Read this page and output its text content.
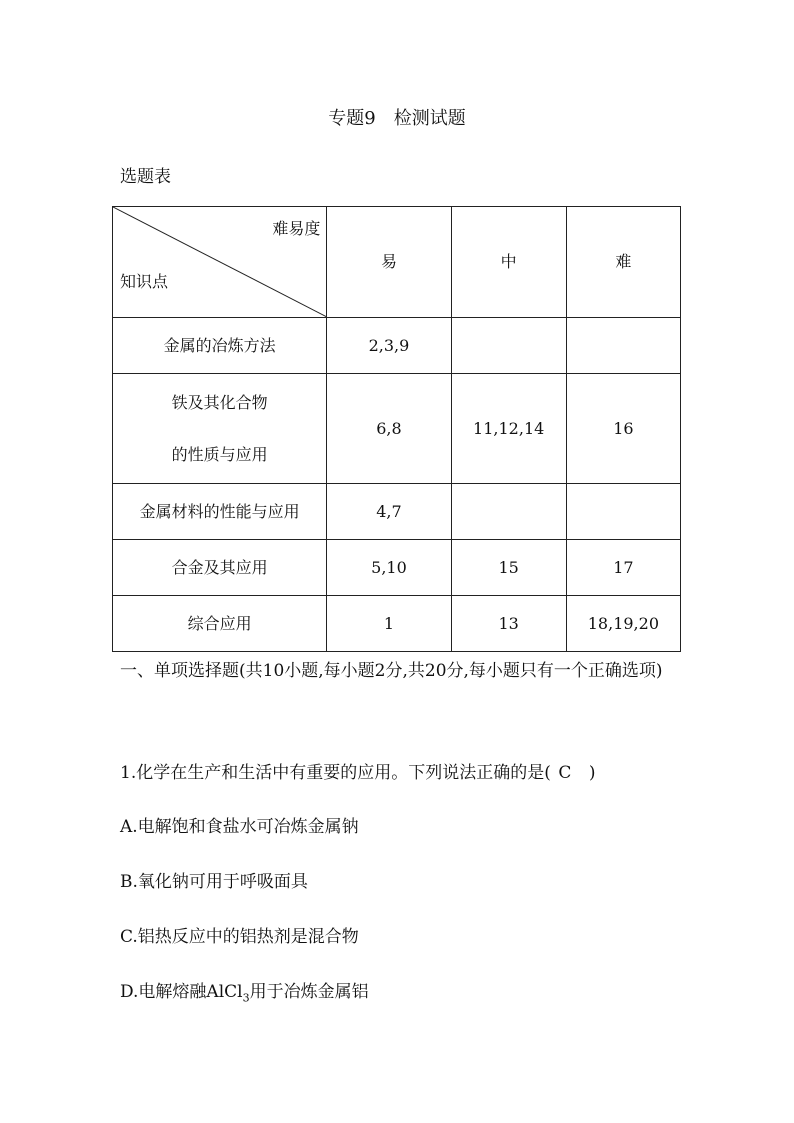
专题9　检测试题
选题表
难易度
知识点	易	中	难
金属的冶炼方法	2,3,9		

铁及其化合物
的性质与应用	6,8	11,12,14	16
金属材料的性能与应用	4,7		
合金及其应用	5,10	15	17
综合应用	1	13	18,19,20
一、单项选择题(共10小题,每小题2分,共20分,每小题只有一个正确选项)
1.化学在生产和生活中有重要的应用。下列说法正确的是( C )
A.电解饱和食盐水可冶炼金属钠
B.氧化钠可用于呼吸面具
C.铝热反应中的铝热剂是混合物
D.电解熔融AlCl$_3$用于冶炼金属铝
